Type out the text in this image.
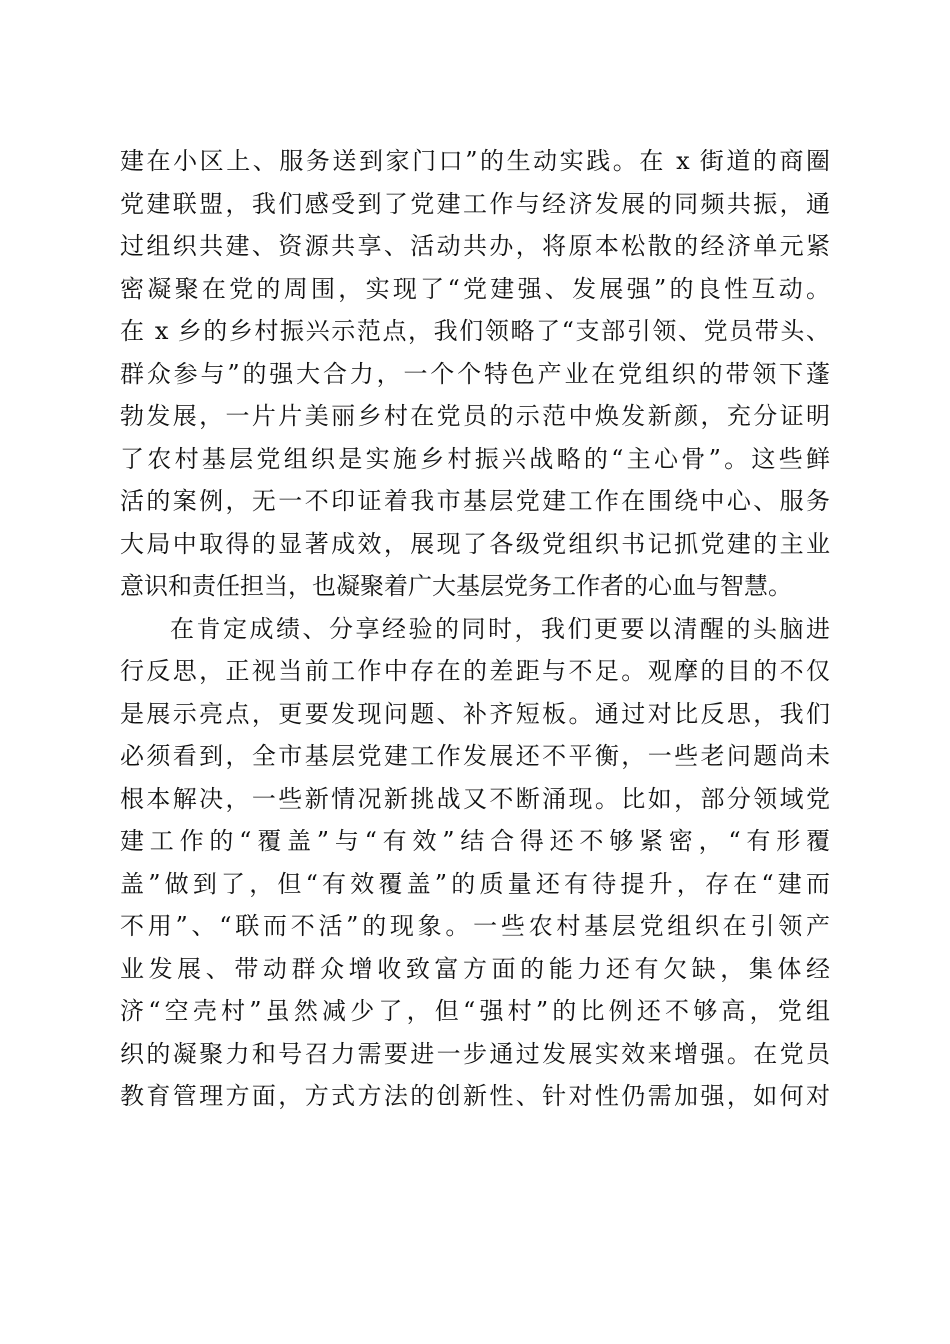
建在小区上、服务送到家门口”的生动实践。在 x 街道的商圈
党建联盟，我们感受到了党建工作与经济发展的同频共振，通
过组织共建、资源共享、活动共办，将原本松散的经济单元紧
密凝聚在党的周围，实现了“党建强、发展强”的良性互动。
在 x 乡的乡村振兴示范点，我们领略了“支部引领、党员带头、
群众参与”的强大合力，一个个特色产业在党组织的带领下蓬
勃发展，一片片美丽乡村在党员的示范中焕发新颜，充分证明
了农村基层党组织是实施乡村振兴战略的“主心骨”。这些鲜
活的案例，无一不印证着我市基层党建工作在围绕中心、服务
大局中取得的显著成效，展现了各级党组织书记抓党建的主业
意识和责任担当，也凝聚着广大基层党务工作者的心血与智慧。
在肯定成绩、分享经验的同时，我们更要以清醒的头脑进
行反思，正视当前工作中存在的差距与不足。观摩的目的不仅
是展示亮点，更要发现问题、补齐短板。通过对比反思，我们
必须看到，全市基层党建工作发展还不平衡，一些老问题尚未
根本解决，一些新情况新挑战又不断涌现。比如，部分领域党
建工作的“覆盖”与“有效”结合得还不够紧密，“有形覆
盖”做到了，但“有效覆盖”的质量还有待提升，存在“建而
不用”、“联而不活”的现象。一些农村基层党组织在引领产
业发展、带动群众增收致富方面的能力还有欠缺，集体经
济“空壳村”虽然减少了，但“强村”的比例还不够高，党组
织的凝聚力和号召力需要进一步通过发展实效来增强。在党员
教育管理方面，方式方法的创新性、针对性仍需加强，如何对
